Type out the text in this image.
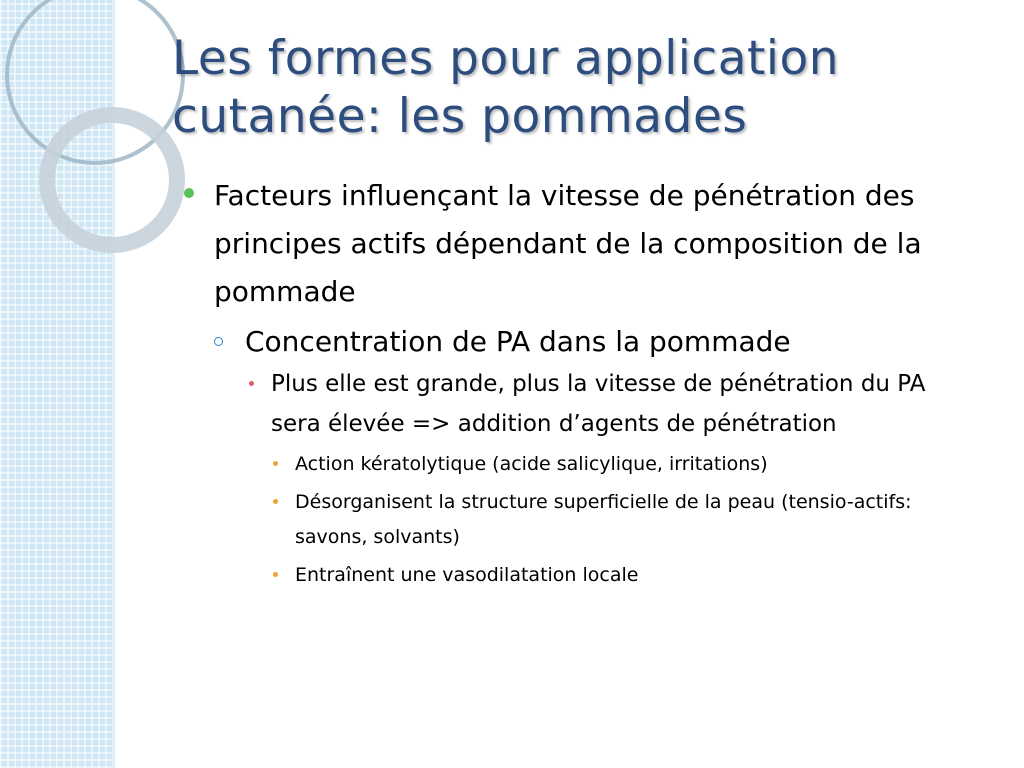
Les formes pour application cutanée: les pommades
Facteurs influençant la vitesse de pénétration des principes actifs dépendant de la composition de la pommade
Concentration de PA dans la pommade
Plus elle est grande, plus la vitesse de pénétration du PA sera élevée => addition d’agents de pénétration
Action kératolytique (acide salicylique, irritations)
Désorganisent la structure superficielle de la peau (tensio-actifs: savons, solvants)
Entraînent une vasodilatation locale
